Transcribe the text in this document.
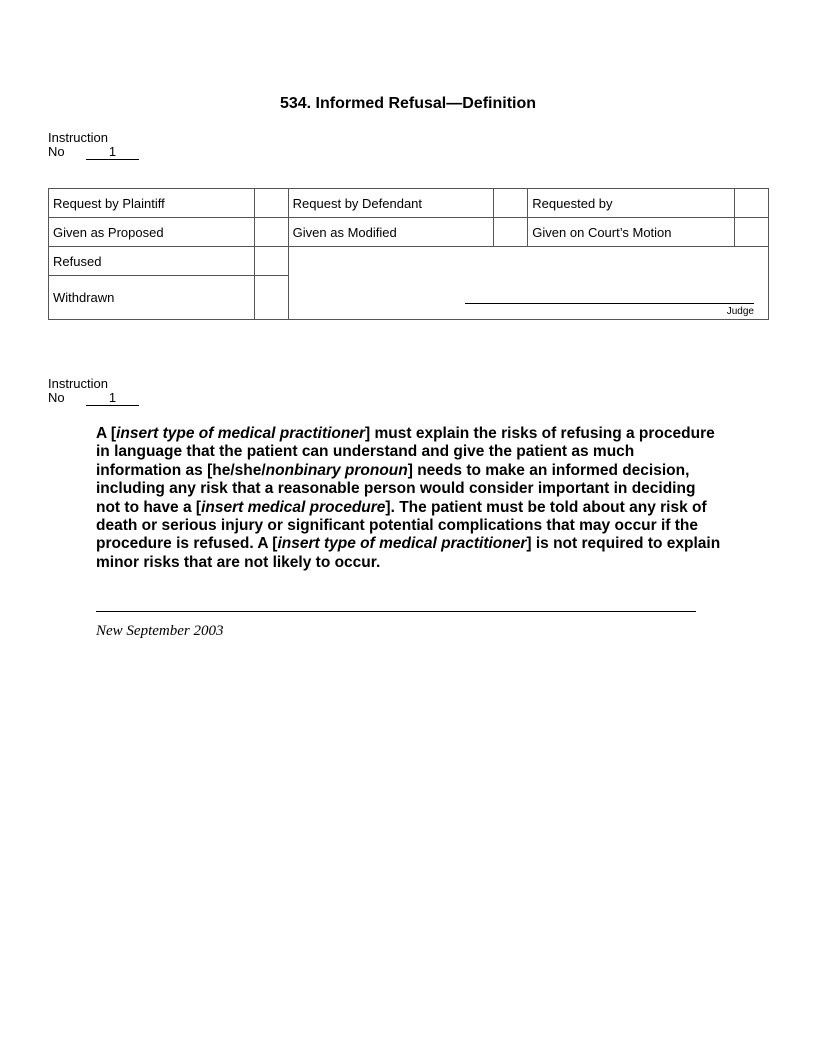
534. Informed Refusal—Definition
Instruction
No	1
Request by Plaintiff		Request by Defendant		Requested by	
Given as Proposed		Given as Modified		Given on Court’s Motion	
Refused		Judge			

Withdrawn					
Instruction
No	1
A [insert type of medical practitioner] must explain the risks of refusing a procedure in language that the patient can understand and give the patient as much information as [he/she/nonbinary pronoun] needs to make an informed decision, including any risk that a reasonable person would consider important in deciding not to have a [insert medical procedure]. The patient must be told about any risk of death or serious injury or significant potential complications that may occur if the procedure is refused. A [insert type of medical practitioner] is not required to explain minor risks that are not likely to occur.
New September 2003
